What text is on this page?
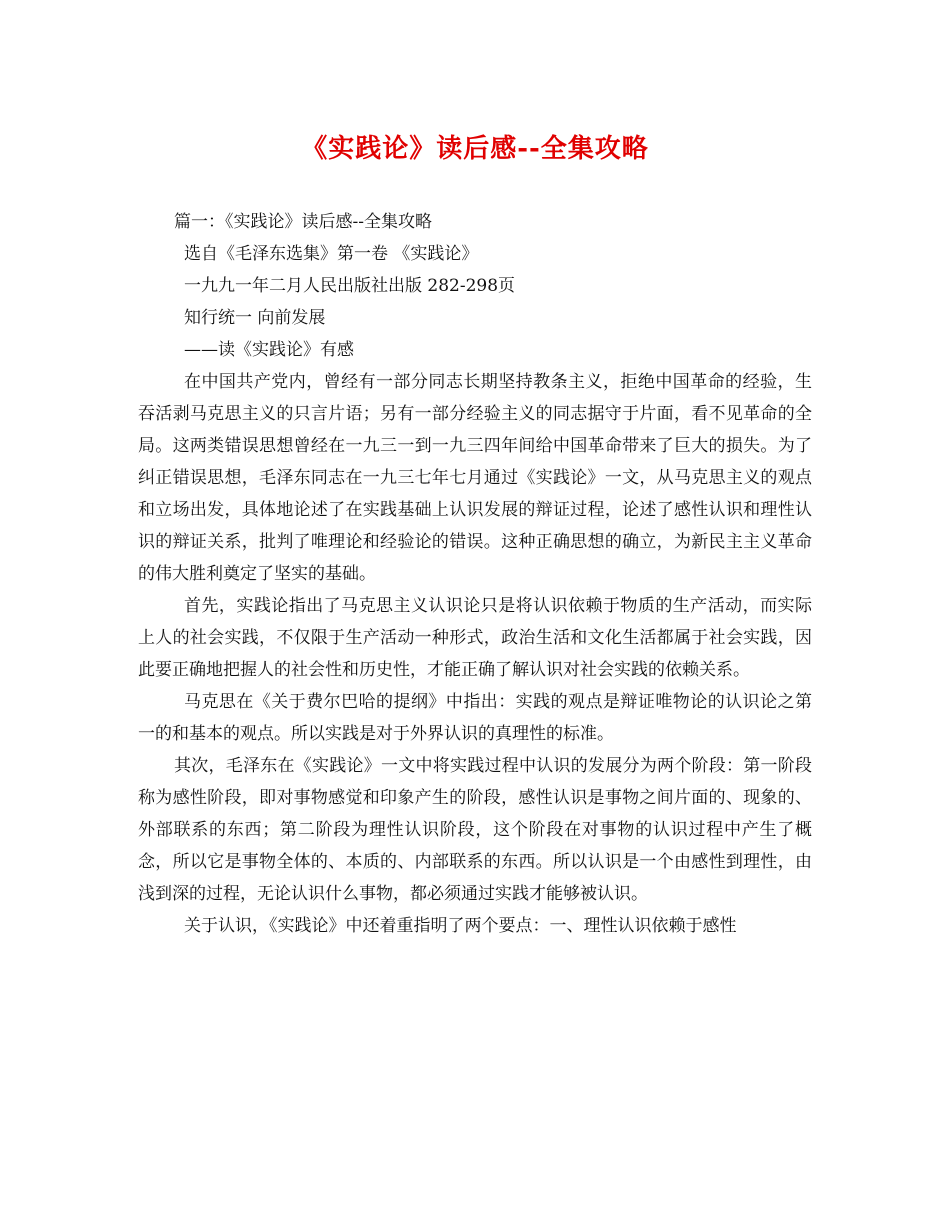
《实践论》读后感--全集攻略

篇一：《实践论》读后感--全集攻略

选自《毛泽东选集》第一卷 《实践论》

一九九一年二月人民出版社出版 282-298页

知行统一 向前发展

——读《实践论》有感

在中国共产党内，曾经有一部分同志长期坚持教条主义，拒绝中国革命的经验，生吞活剥马克思主义的只言片语；另有一部分经验主义的同志据守于片面，看不见革命的全局。这两类错误思想曾经在一九三一到一九三四年间给中国革命带来了巨大的损失。为了纠正错误思想，毛泽东同志在一九三七年七月通过《实践论》一文，从马克思主义的观点和立场出发，具体地论述了在实践基础上认识发展的辩证过程，论述了感性认识和理性认识的辩证关系，批判了唯理论和经验论的错误。这种正确思想的确立，为新民主主义革命的伟大胜利奠定了坚实的基础。

首先，实践论指出了马克思主义认识论只是将认识依赖于物质的生产活动，而实际上人的社会实践，不仅限于生产活动一种形式，政治生活和文化生活都属于社会实践，因此要正确地把握人的社会性和历史性，才能正确了解认识对社会实践的依赖关系。

马克思在《关于费尔巴哈的提纲》中指出：实践的观点是辩证唯物论的认识论之第一的和基本的观点。所以实践是对于外界认识的真理性的标准。

其次，毛泽东在《实践论》一文中将实践过程中认识的发展分为两个阶段：第一阶段称为感性阶段，即对事物感觉和印象产生的阶段，感性认识是事物之间片面的、现象的、外部联系的东西；第二阶段为理性认识阶段，这个阶段在对事物的认识过程中产生了概念，所以它是事物全体的、本质的、内部联系的东西。所以认识是一个由感性到理性，由浅到深的过程，无论认识什么事物，都必须通过实践才能够被认识。

关于认识，《实践论》中还着重指明了两个要点：一、理性认识依赖于感性
